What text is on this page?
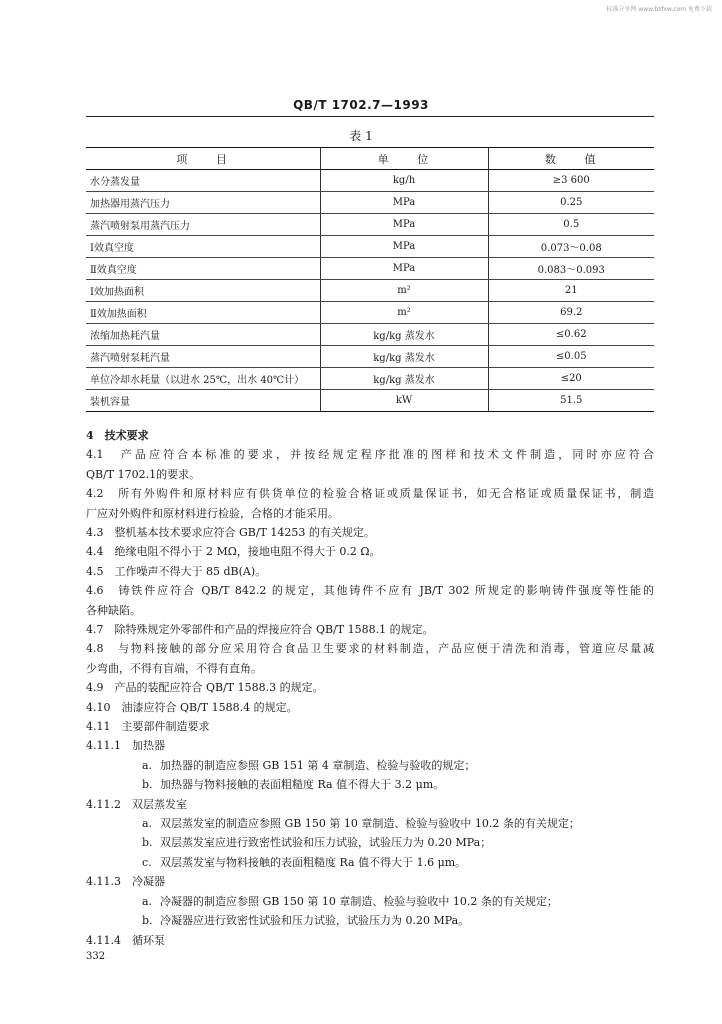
标准分享网 www.bzfxw.com 免费下载
QB/T 1702.7—1993
表 1
项　　目	单　　位	数　　值
水分蒸发量	kg/h	≥3 600
加热器用蒸汽压力	MPa	0.25
蒸汽喷射泵用蒸汽压力	MPa	0.5
Ⅰ效真空度	MPa	0.073～0.08
Ⅱ效真空度	MPa	0.083～0.093
Ⅰ效加热面积	m²	21
Ⅱ效加热面积	m²	69.2
浓缩加热耗汽量	kg/kg 蒸发水	≤0.62
蒸汽喷射泵耗汽量	kg/kg 蒸发水	≤0.05
单位冷却水耗量（以进水 25℃，出水 40℃计）	kg/kg 蒸发水	≤20
装机容量	kW	51.5
4　 技术要求
4.1　产品应符合本标准的要求，并按经规定程序批准的图样和技术文件制造，同时亦应符合
QB/T 1702.1的要求。
4.2　所有外购件和原材料应有供货单位的检验合格证或质量保证书，如无合格证或质量保证书，制造
厂应对外购件和原材料进行检验，合格的才能采用。
4.3　整机基本技术要求应符合 GB/T 14253 的有关规定。
4.4　绝缘电阻不得小于 2 MΩ，接地电阻不得大于 0.2 Ω。
4.5　工作噪声不得大于 85 dB(A)。
4.6　铸铁件应符合 QB/T 842.2 的规定，其他铸件不应有 JB/T 302 所规定的影响铸件强度等性能的
各种缺陷。
4.7　除特殊规定外零部件和产品的焊接应符合 QB/T 1588.1 的规定。
4.8　与物料接触的部分应采用符合食品卫生要求的材料制造，产品应便于清洗和消毒，管道应尽量减
少弯曲，不得有盲端，不得有直角。
4.9　产品的装配应符合 QB/T 1588.3 的规定。
4.10　油漆应符合 QB/T 1588.4 的规定。
4.11　主要部件制造要求
4.11.1　加热器
a. 加热器的制造应参照 GB 151 第 4 章制造、检验与验收的规定；
b. 加热器与物料接触的表面粗糙度 Ra 值不得大于 3.2 μm。
4.11.2　双层蒸发室
a. 双层蒸发室的制造应参照 GB 150 第 10 章制造、检验与验收中 10.2 条的有关规定；
b. 双层蒸发室应进行致密性试验和压力试验，试验压力为 0.20 MPa；
c. 双层蒸发室与物料接触的表面粗糙度 Ra 值不得大于 1.6 μm。
4.11.3　冷凝器
a. 冷凝器的制造应参照 GB 150 第 10 章制造、检验与验收中 10.2 条的有关规定；
b. 冷凝器应进行致密性试验和压力试验，试验压力为 0.20 MPa。
4.11.4　循环泵
332
